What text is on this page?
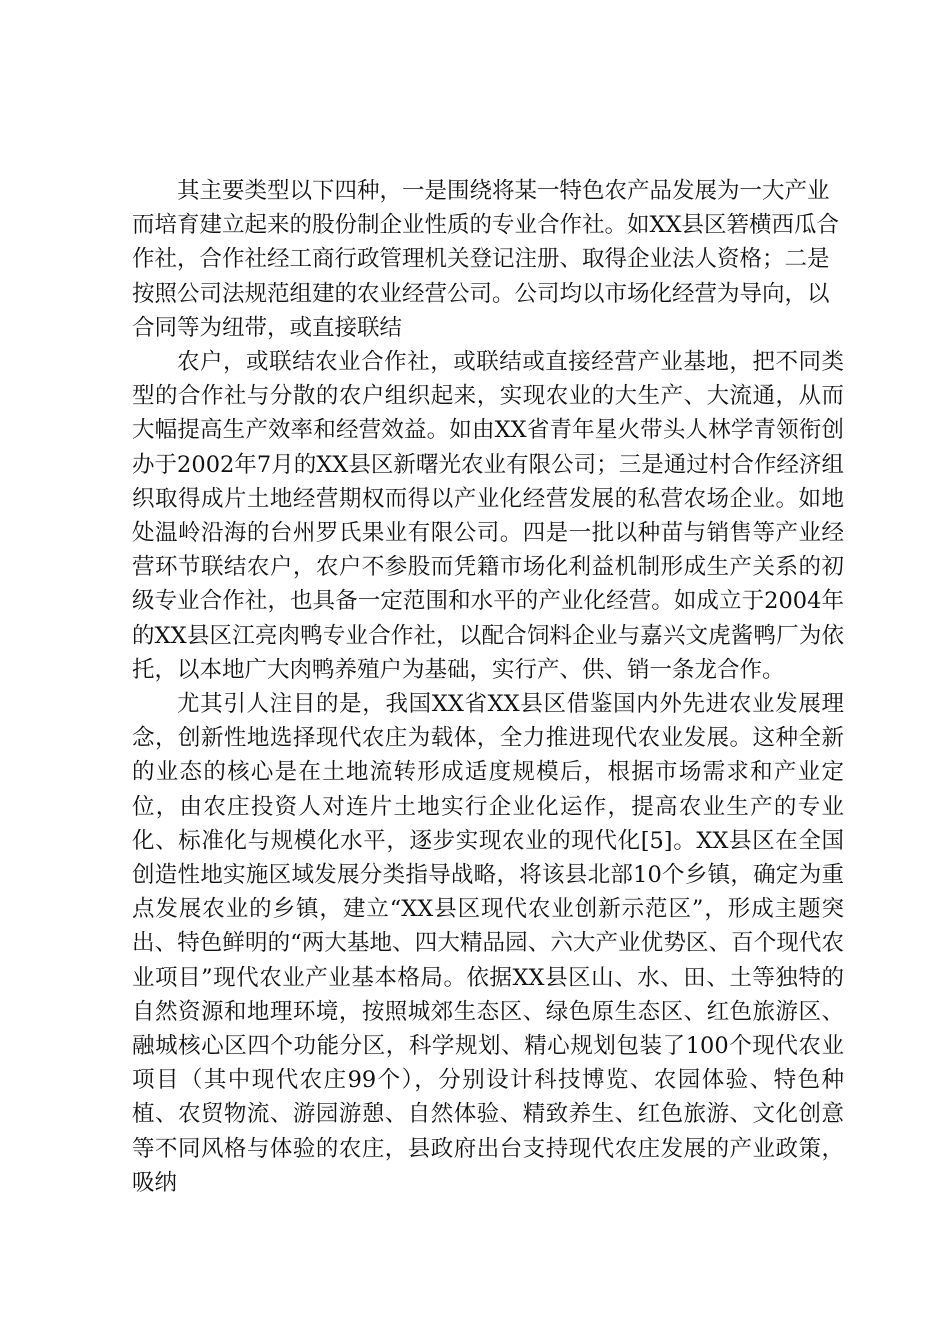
其主要类型以下四种，一是围绕将某一特色农产品发展为一大产业而培育建立起来的股份制企业性质的专业合作社。如XX县区箬横西瓜合作社，合作社经工商行政管理机关登记注册、取得企业法人资格；二是按照公司法规范组建的农业经营公司。公司均以市场化经营为导向，以合同等为纽带，或直接联结

农户，或联结农业合作社，或联结或直接经营产业基地，把不同类型的合作社与分散的农户组织起来，实现农业的大生产、大流通，从而大幅提高生产效率和经营效益。如由XX省青年星火带头人林学青领衔创办于2002年7月的XX县区新曙光农业有限公司；三是通过村合作经济组织取得成片土地经营期权而得以产业化经营发展的私营农场企业。如地处温岭沿海的台州罗氏果业有限公司。四是一批以种苗与销售等产业经营环节联结农户，农户不参股而凭籍市场化利益机制形成生产关系的初级专业合作社，也具备一定范围和水平的产业化经营。如成立于2004年的XX县区江亮肉鸭专业合作社，以配合饲料企业与嘉兴文虎酱鸭厂为依托，以本地广大肉鸭养殖户为基础，实行产、供、销一条龙合作。

尤其引人注目的是，我国XX省XX县区借鉴国内外先进农业发展理念，创新性地选择现代农庄为载体，全力推进现代农业发展。这种全新的业态的核心是在土地流转形成适度规模后，根据市场需求和产业定位，由农庄投资人对连片土地实行企业化运作，提高农业生产的专业化、标准化与规模化水平，逐步实现农业的现代化[5]。XX县区在全国创造性地实施区域发展分类指导战略，将该县北部10个乡镇，确定为重点发展农业的乡镇，建立“XX县区现代农业创新示范区”，形成主题突出、特色鲜明的“两大基地、四大精品园、六大产业优势区、百个现代农业项目”现代农业产业基本格局。依据XX县区山、水、田、土等独特的自然资源和地理环境，按照城郊生态区、绿色原生态区、红色旅游区、融城核心区四个功能分区，科学规划、精心规划包装了100个现代农业项目（其中现代农庄99个），分别设计科技博览、农园体验、特色种植、农贸物流、游园游憩、自然体验、精致养生、红色旅游、文化创意等不同风格与体验的农庄，县政府出台支持现代农庄发展的产业政策，吸纳
